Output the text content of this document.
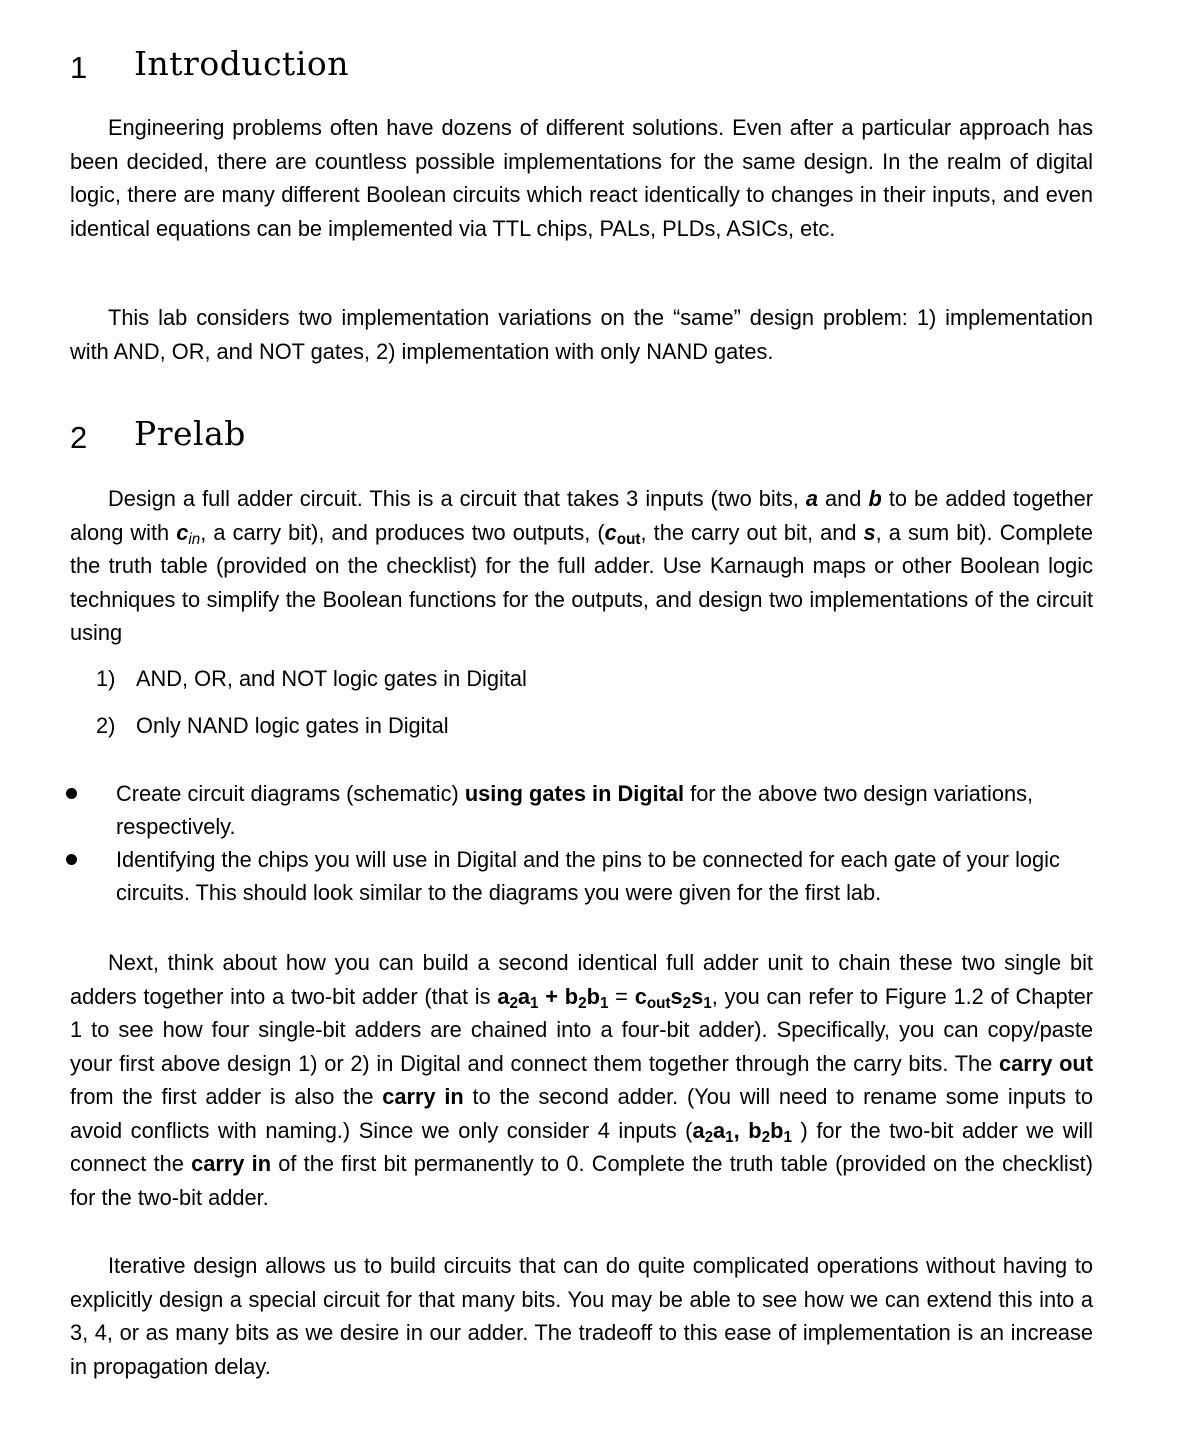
1 Introduction

Engineering problems often have dozens of different solutions. Even after a particular approach has been decided, there are countless possible implementations for the same design. In the realm of digital logic, there are many different Boolean circuits which react identically to changes in their inputs, and even identical equations can be implemented via TTL chips, PALs, PLDs, ASICs, etc.

This lab considers two implementation variations on the “same” design problem: 1) implementation with AND, OR, and NOT gates, 2) implementation with only NAND gates.

2 Prelab

Design a full adder circuit. This is a circuit that takes 3 inputs (two bits, a and b to be added together along with $c_{in}$, a carry bit), and produces two outputs, ($c_{out}$, the carry out bit, and s, a sum bit). Complete the truth table (provided on the checklist) for the full adder. Use Karnaugh maps or other Boolean logic techniques to simplify the Boolean functions for the outputs, and design two implementations of the circuit using

1) AND, OR, and NOT logic gates in Digital
2) Only NAND logic gates in Digital
Create circuit diagrams (schematic) using gates in Digital for the above two design variations, respectively.
Identifying the chips you will use in Digital and the pins to be connected for each gate of your logic circuits. This should look similar to the diagrams you were given for the first lab.

Next, think about how you can build a second identical full adder unit to chain these two single bit adders together into a two-bit adder (that is $a_2a_1 + b_2b_1 = c_{out}s_2s_1$, you can refer to Figure 1.2 of Chapter 1 to see how four single-bit adders are chained into a four-bit adder). Specifically, you can copy/paste your first above design 1) or 2) in Digital and connect them together through the carry bits. The carry out from the first adder is also the carry in to the second adder. (You will need to rename some inputs to avoid conflicts with naming.) Since we only consider 4 inputs ($a_2a_1$, $b_2b_1$ ) for the two-bit adder we will connect the carry in of the first bit permanently to 0. Complete the truth table (provided on the checklist) for the two-bit adder.

Iterative design allows us to build circuits that can do quite complicated operations without having to explicitly design a special circuit for that many bits. You may be able to see how we can extend this into a 3, 4, or as many bits as we desire in our adder. The tradeoff to this ease of implementation is an increase in propagation delay.
